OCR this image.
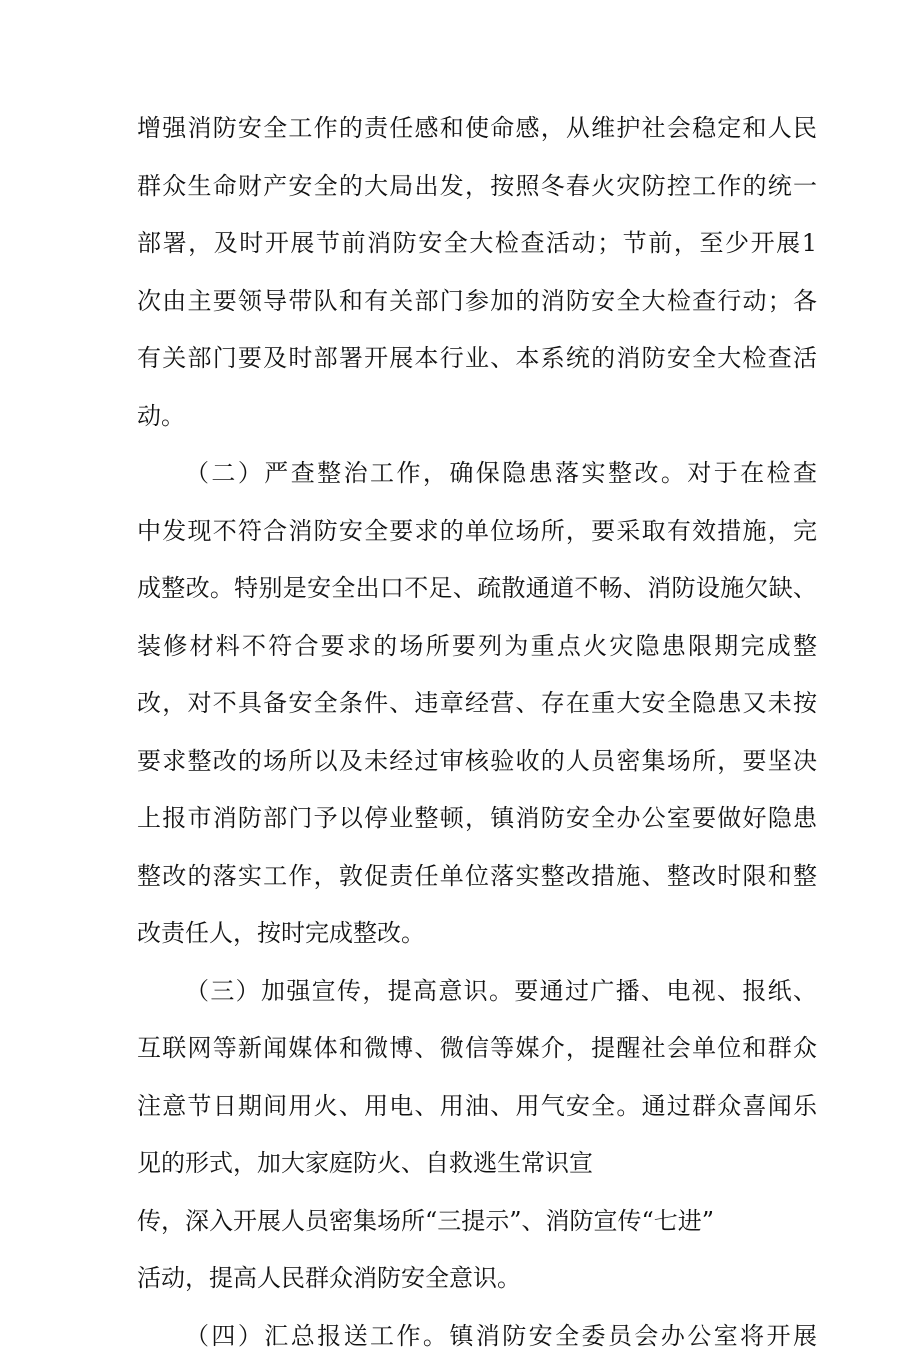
增强消防安全工作的责任感和使命感，从维护社会稳定和人民
群众生命财产安全的大局出发，按照冬春火灾防控工作的统一
部署，及时开展节前消防安全大检查活动；节前，至少开展1
次由主要领导带队和有关部门参加的消防安全大检查行动；各
有关部门要及时部署开展本行业、本系统的消防安全大检查活
动。
（二）严查整治工作，确保隐患落实整改。对于在检查
中发现不符合消防安全要求的单位场所，要采取有效措施，完
成整改。特别是安全出口不足、疏散通道不畅、消防设施欠缺、
装修材料不符合要求的场所要列为重点火灾隐患限期完成整
改，对不具备安全条件、违章经营、存在重大安全隐患又未按
要求整改的场所以及未经过审核验收的人员密集场所，要坚决
上报市消防部门予以停业整顿，镇消防安全办公室要做好隐患
整改的落实工作，敦促责任单位落实整改措施、整改时限和整
改责任人，按时完成整改。
（三）加强宣传，提高意识。要通过广播、电视、报纸、
互联网等新闻媒体和微博、微信等媒介，提醒社会单位和群众
注意节日期间用火、用电、用油、用气安全。通过群众喜闻乐
见的形式，加大家庭防火、自救逃生常识宣
传，深入开展人员密集场所“三提示”、消防宣传“七进”
活动，提高人民群众消防安全意识。
（四）汇总报送工作。镇消防安全委员会办公室将开展
